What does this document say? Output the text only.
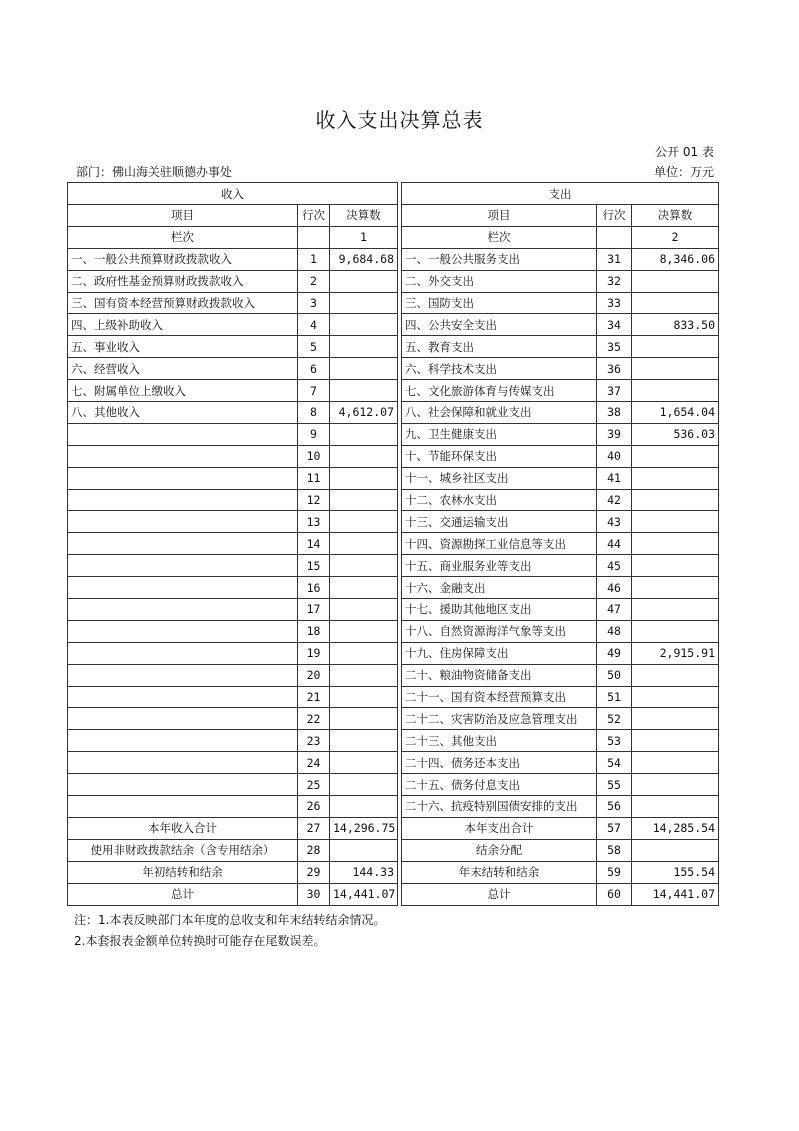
收入支出决算总表
公开 01 表
部门：佛山海关驻顺德办事处	单位：万元
收入				支出		
项目	行次	决算数		项目	行次	决算数
栏次		1		栏次		2
一、一般公共预算财政拨款收入	1	9,684.68		一、一般公共服务支出	31	8,346.06
二、政府性基金预算财政拨款收入	2			二、外交支出	32	
三、国有资本经营预算财政拨款收入	3			三、国防支出	33	
四、上级补助收入	4			四、公共安全支出	34	833.50
五、事业收入	5			五、教育支出	35	
六、经营收入	6			六、科学技术支出	36	
七、附属单位上缴收入	7			七、文化旅游体育与传媒支出	37	
八、其他收入	8	4,612.07		八、社会保障和就业支出	38	1,654.04
	9			九、卫生健康支出	39	536.03
	10			十、节能环保支出	40	
	11			十一、城乡社区支出	41	
	12			十二、农林水支出	42	
	13			十三、交通运输支出	43	
	14			十四、资源勘探工业信息等支出	44	
	15			十五、商业服务业等支出	45	
	16			十六、金融支出	46	
	17			十七、援助其他地区支出	47	
	18			十八、自然资源海洋气象等支出	48	
	19			十九、住房保障支出	49	2,915.91
	20			二十、粮油物资储备支出	50	
	21			二十一、国有资本经营预算支出	51	
	22			二十二、灾害防治及应急管理支出	52	
	23			二十三、其他支出	53	
	24			二十四、债务还本支出	54	
	25			二十五、债务付息支出	55	
	26			二十六、抗疫特别国债安排的支出	56	
本年收入合计	27	14,296.75		本年支出合计	57	14,285.54
使用非财政拨款结余（含专用结余）	28			结余分配	58	
年初结转和结余	29	144.33		年末结转和结余	59	155.54
总计	30	14,441.07		总计	60	14,441.07
注：1.本表反映部门本年度的总收支和年末结转结余情况。
2.本套报表金额单位转换时可能存在尾数误差。
